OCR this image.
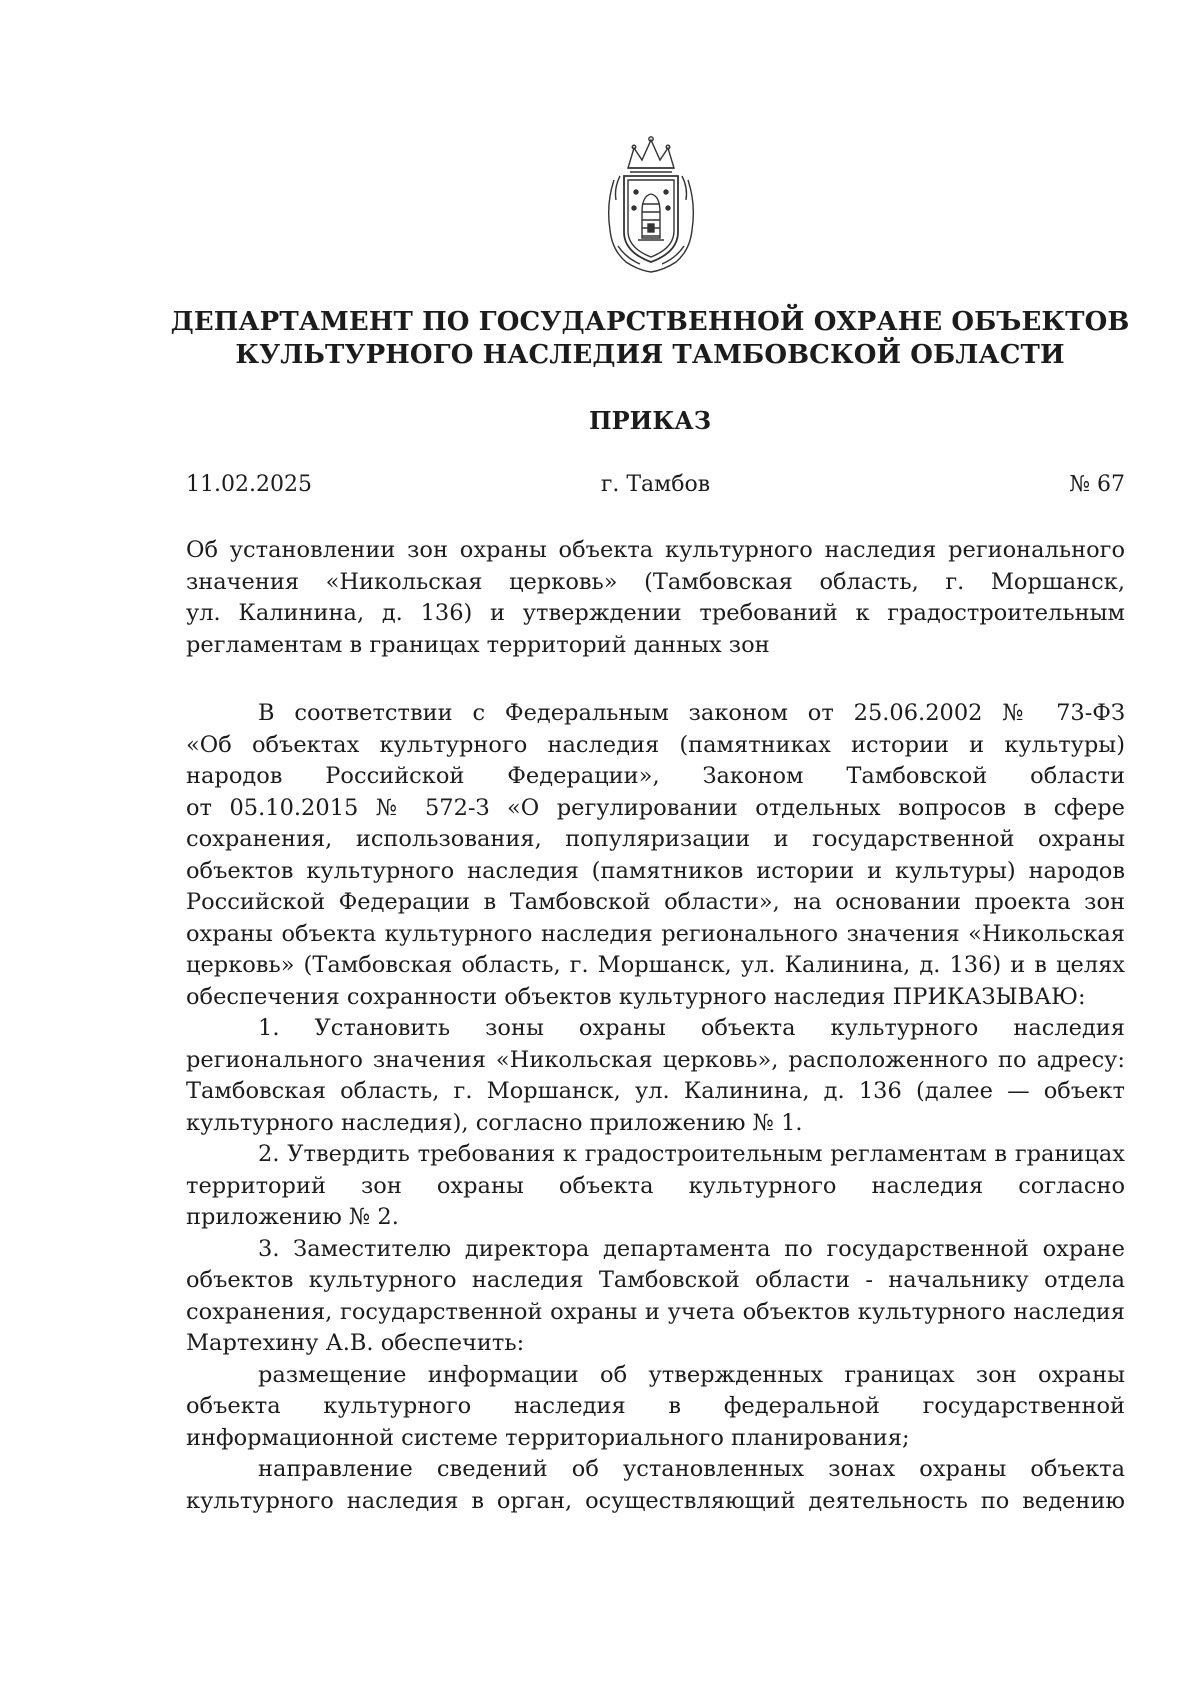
ДЕПАРТАМЕНТ ПО ГОСУДАРСТВЕННОЙ ОХРАНЕ ОБЪЕКТОВ
КУЛЬТУРНОГО НАСЛЕДИЯ ТАМБОВСКОЙ ОБЛАСТИ
ПРИКАЗ
11.02.2025	г. Тамбов	№ 67
Об установлении зон охраны объекта культурного наследия регионального
значения «Никольская церковь» (Тамбовская область, г. Моршанск,
ул. Калинина, д. 136) и утверждении требований к градостроительным
регламентам в границах территорий данных зон
В соответствии с Федеральным законом от 25.06.2002 № 73-ФЗ
«Об объектах культурного наследия (памятниках истории и культуры)
народов Российской Федерации», Законом Тамбовской области
от 05.10.2015 № 572-З «О регулировании отдельных вопросов в сфере
сохранения, использования, популяризации и государственной охраны
объектов культурного наследия (памятников истории и культуры) народов
Российской Федерации в Тамбовской области», на основании проекта зон
охраны объекта культурного наследия регионального значения «Никольская
церковь» (Тамбовская область, г. Моршанск, ул. Калинина, д. 136) и в целях
обеспечения сохранности объектов культурного наследия ПРИКАЗЫВАЮ:
1. Установить зоны охраны объекта культурного наследия
регионального значения «Никольская церковь», расположенного по адресу:
Тамбовская область, г. Моршанск, ул. Калинина, д. 136 (далее — объект
культурного наследия), согласно приложению № 1.
2. Утвердить требования к градостроительным регламентам в границах
территорий зон охраны объекта культурного наследия согласно
приложению № 2.
3. Заместителю директора департамента по государственной охране
объектов культурного наследия Тамбовской области - начальнику отдела
сохранения, государственной охраны и учета объектов культурного наследия
Мартехину А.В. обеспечить:
размещение информации об утвержденных границах зон охраны
объекта культурного наследия в федеральной государственной
информационной системе территориального планирования;
направление сведений об установленных зонах охраны объекта
культурного наследия в орган, осуществляющий деятельность по ведению
